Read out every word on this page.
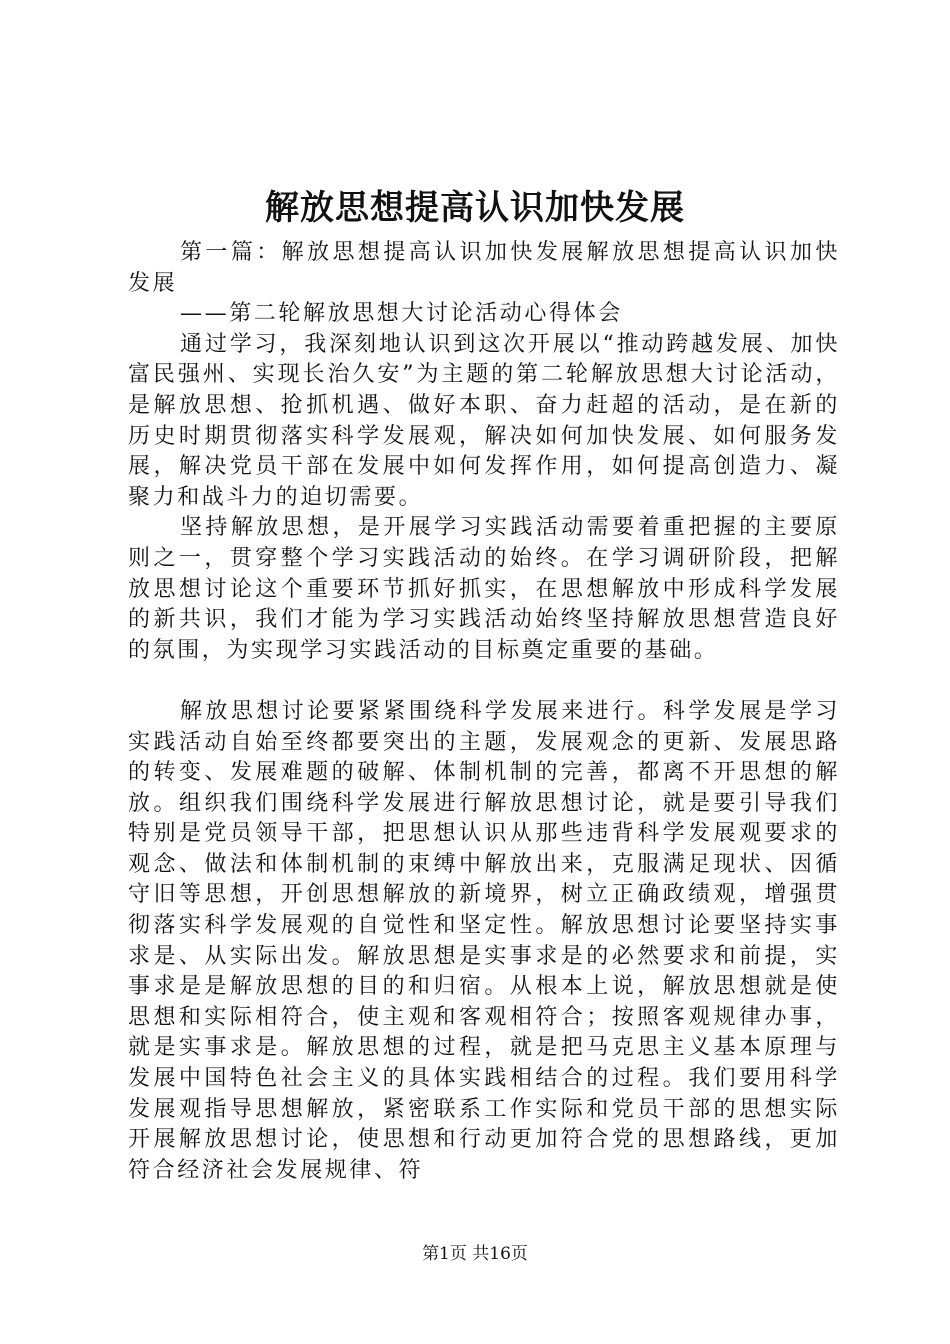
解放思想提高认识加快发展

第一篇：解放思想提高认识加快发展解放思想提高认识加快发展

——第二轮解放思想大讨论活动心得体会

通过学习，我深刻地认识到这次开展以“推动跨越发展、加快富民强州、实现长治久安”为主题的第二轮解放思想大讨论活动，是解放思想、抢抓机遇、做好本职、奋力赶超的活动，是在新的历史时期贯彻落实科学发展观，解决如何加快发展、如何服务发展，解决党员干部在发展中如何发挥作用，如何提高创造力、凝聚力和战斗力的迫切需要。

坚持解放思想，是开展学习实践活动需要着重把握的主要原则之一，贯穿整个学习实践活动的始终。在学习调研阶段，把解放思想讨论这个重要环节抓好抓实，在思想解放中形成科学发展的新共识，我们才能为学习实践活动始终坚持解放思想营造良好的氛围，为实现学习实践活动的目标奠定重要的基础。

解放思想讨论要紧紧围绕科学发展来进行。科学发展是学习实践活动自始至终都要突出的主题，发展观念的更新、发展思路的转变、发展难题的破解、体制机制的完善，都离不开思想的解放。组织我们围绕科学发展进行解放思想讨论，就是要引导我们特别是党员领导干部，把思想认识从那些违背科学发展观要求的观念、做法和体制机制的束缚中解放出来，克服满足现状、因循守旧等思想，开创思想解放的新境界，树立正确政绩观，增强贯彻落实科学发展观的自觉性和坚定性。解放思想讨论要坚持实事求是、从实际出发。解放思想是实事求是的必然要求和前提，实事求是是解放思想的目的和归宿。从根本上说，解放思想就是使思想和实际相符合，使主观和客观相符合；按照客观规律办事，就是实事求是。解放思想的过程，就是把马克思主义基本原理与发展中国特色社会主义的具体实践相结合的过程。我们要用科学发展观指导思想解放，紧密联系工作实际和党员干部的思想实际开展解放思想讨论，使思想和行动更加符合党的思想路线，更加符合经济社会发展规律、符

第1页 共16页
